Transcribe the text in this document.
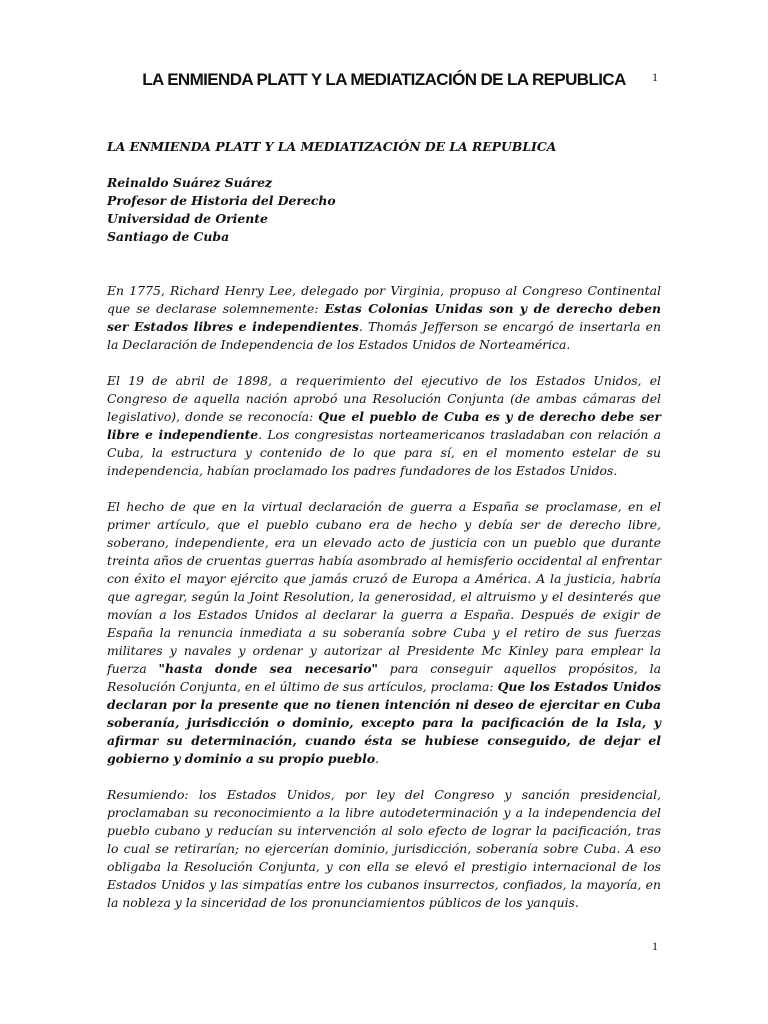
LA ENMIENDA PLATT Y LA MEDIATIZACIÓN DE LA REPUBLICA	1
LA ENMIENDA PLATT Y LA MEDIATIZACIÓN DE LA REPUBLICA
Reinaldo Suárez Suárez
Profesor de Historia del Derecho
Universidad de Oriente
Santiago de Cuba

En 1775, Richard Henry Lee, delegado por Virginia, propuso al Congreso Continental que se declarase solemnemente: Estas Colonias Unidas son y de derecho deben ser Estados libres e independientes. Thomás Jefferson se encargó de insertarla en la Declaración de Independencia de los Estados Unidos de Norteamérica.

El 19 de abril de 1898, a requerimiento del ejecutivo de los Estados Unidos, el Congreso de aquella nación aprobó una Resolución Conjunta (de ambas cámaras del legislativo), donde se reconocía: Que el pueblo de Cuba es y de derecho debe ser libre e independiente. Los congresistas norteamericanos trasladaban con relación a Cuba, la estructura y contenido de lo que para sí, en el momento estelar de su independencia, habían proclamado los padres fundadores de los Estados Unidos.

El hecho de que en la virtual declaración de guerra a España se proclamase, en el primer artículo, que el pueblo cubano era de hecho y debía ser de derecho libre, soberano, independiente, era un elevado acto de justicia con un pueblo que durante treinta años de cruentas guerras había asombrado al hemisferio occidental al enfrentar con éxito el mayor ejército que jamás cruzó de Europa a América. A la justicia, habría que agregar, según la Joint Resolution, la generosidad, el altruismo y el desinterés que movían a los Estados Unidos al declarar la guerra a España. Después de exigir de España la renuncia inmediata a su soberanía sobre Cuba y el retiro de sus fuerzas militares y navales y ordenar y autorizar al Presidente Mc Kinley para emplear la fuerza "hasta donde sea necesario" para conseguir aquellos propósitos, la Resolución Conjunta, en el último de sus artículos, proclama: Que los Estados Unidos declaran por la presente que no tienen intención ni deseo de ejercitar en Cuba soberanía, jurisdicción o dominio, excepto para la pacificación de la Isla, y afirmar su determinación, cuando ésta se hubiese conseguido, de dejar el gobierno y dominio a su propio pueblo.

Resumiendo: los Estados Unidos, por ley del Congreso y sanción presidencial, proclamaban su reconocimiento a la libre autodeterminación y a la independencia del pueblo cubano y reducían su intervención al solo efecto de lograr la pacificación, tras lo cual se retirarían; no ejercerían dominio, jurisdicción, soberanía sobre Cuba. A eso obligaba la Resolución Conjunta, y con ella se elevó el prestigio internacional de los Estados Unidos y las simpatías entre los cubanos insurrectos, confiados, la mayoría, en la nobleza y la sinceridad de los pronunciamientos públicos de los yanquis.

1
